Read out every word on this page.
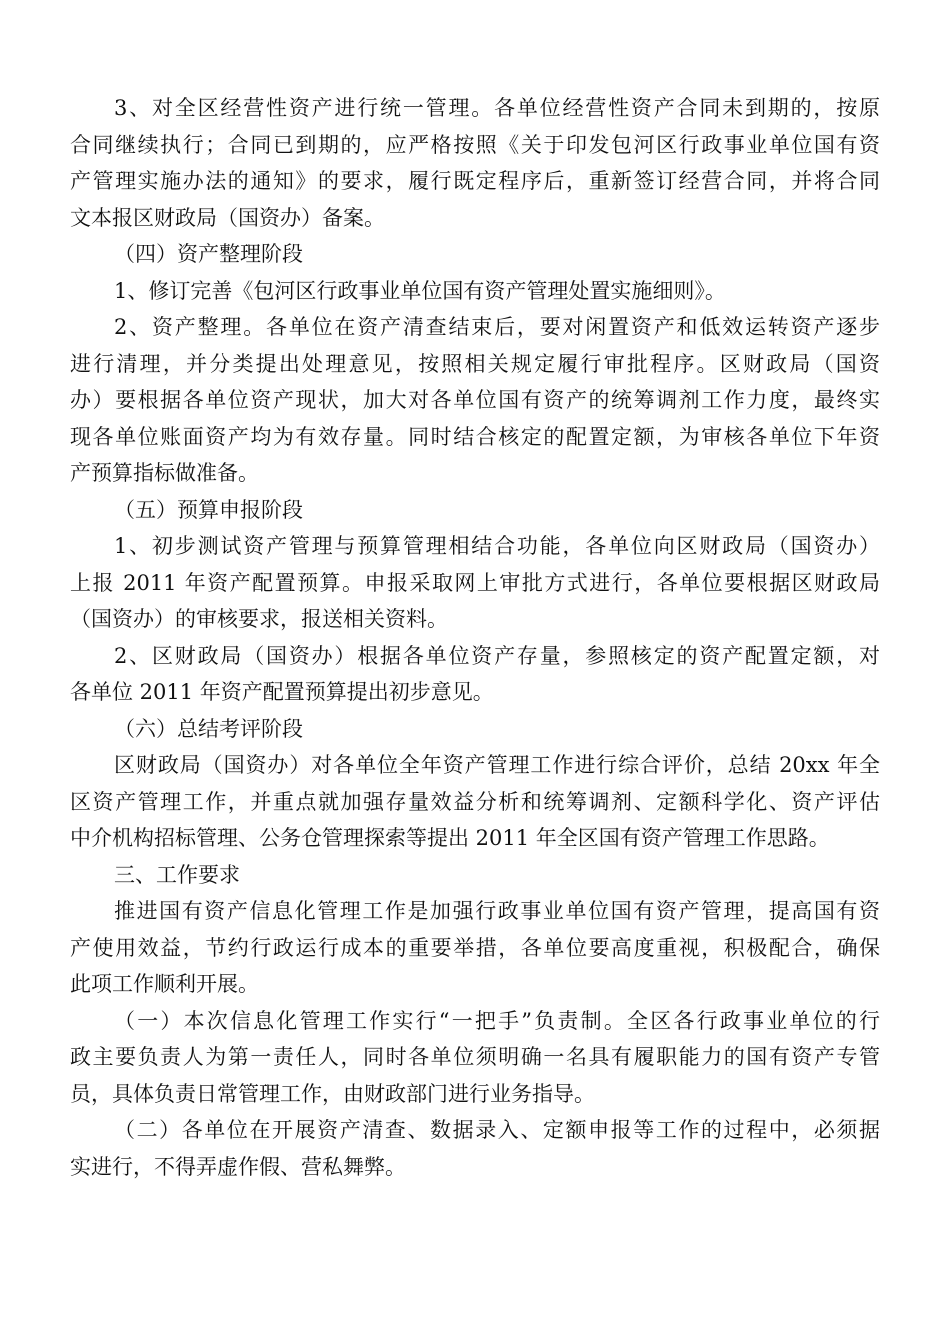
3、对全区经营性资产进行统一管理。各单位经营性资产合同未到期的，按原

合同继续执行；合同已到期的，应严格按照《关于印发包河区行政事业单位国有资

产管理实施办法的通知》的要求，履行既定程序后，重新签订经营合同，并将合同

文本报区财政局（国资办）备案。

（四）资产整理阶段

1、修订完善《包河区行政事业单位国有资产管理处置实施细则》。

2、资产整理。各单位在资产清查结束后，要对闲置资产和低效运转资产逐步

进行清理，并分类提出处理意见，按照相关规定履行审批程序。区财政局（国资

办）要根据各单位资产现状，加大对各单位国有资产的统筹调剂工作力度，最终实

现各单位账面资产均为有效存量。同时结合核定的配置定额，为审核各单位下年资

产预算指标做准备。

（五）预算申报阶段

1、初步测试资产管理与预算管理相结合功能，各单位向区财政局（国资办）

上报 2011 年资产配置预算。申报采取网上审批方式进行，各单位要根据区财政局

（国资办）的审核要求，报送相关资料。

2、区财政局（国资办）根据各单位资产存量，参照核定的资产配置定额，对

各单位 2011 年资产配置预算提出初步意见。

（六）总结考评阶段

区财政局（国资办）对各单位全年资产管理工作进行综合评价，总结 20xx 年全

区资产管理工作，并重点就加强存量效益分析和统筹调剂、定额科学化、资产评估

中介机构招标管理、公务仓管理探索等提出 2011 年全区国有资产管理工作思路。

三、工作要求

推进国有资产信息化管理工作是加强行政事业单位国有资产管理，提高国有资

产使用效益，节约行政运行成本的重要举措，各单位要高度重视，积极配合，确保

此项工作顺利开展。

（一）本次信息化管理工作实行“一把手”负责制。全区各行政事业单位的行

政主要负责人为第一责任人，同时各单位须明确一名具有履职能力的国有资产专管

员，具体负责日常管理工作，由财政部门进行业务指导。

（二）各单位在开展资产清查、数据录入、定额申报等工作的过程中，必须据

实进行，不得弄虚作假、营私舞弊。
